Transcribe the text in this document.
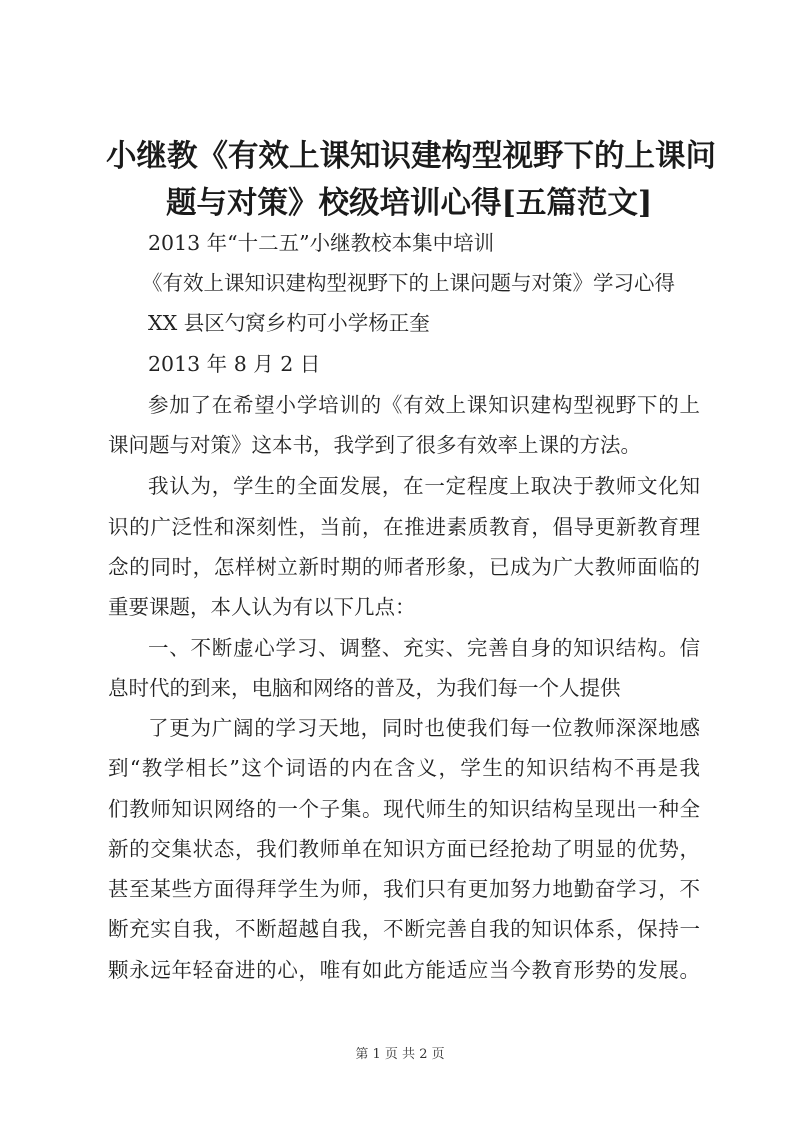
小继教《有效上课知识建构型视野下的上课问
题与对策》校级培训心得[五篇范文]
2013 年“十二五”小继教校本集中培训
《有效上课知识建构型视野下的上课问题与对策》学习心得
XX 县区勺窝乡杓可小学杨正奎
2013 年 8 月 2 日
参加了在希望小学培训的《有效上课知识建构型视野下的上
课问题与对策》这本书，我学到了很多有效率上课的方法。
我认为，学生的全面发展，在一定程度上取决于教师文化知
识的广泛性和深刻性，当前，在推进素质教育，倡导更新教育理
念的同时，怎样树立新时期的师者形象，已成为广大教师面临的
重要课题，本人认为有以下几点：
一、不断虚心学习、调整、充实、完善自身的知识结构。信
息时代的到来，电脑和网络的普及，为我们每一个人提供
了更为广阔的学习天地，同时也使我们每一位教师深深地感
到“教学相长”这个词语的内在含义，学生的知识结构不再是我
们教师知识网络的一个子集。现代师生的知识结构呈现出一种全
新的交集状态，我们教师单在知识方面已经抢劫了明显的优势，
甚至某些方面得拜学生为师，我们只有更加努力地勤奋学习，不
断充实自我，不断超越自我，不断完善自我的知识体系，保持一
颗永远年轻奋进的心，唯有如此方能适应当今教育形势的发展。
第 1 页 共 2 页
